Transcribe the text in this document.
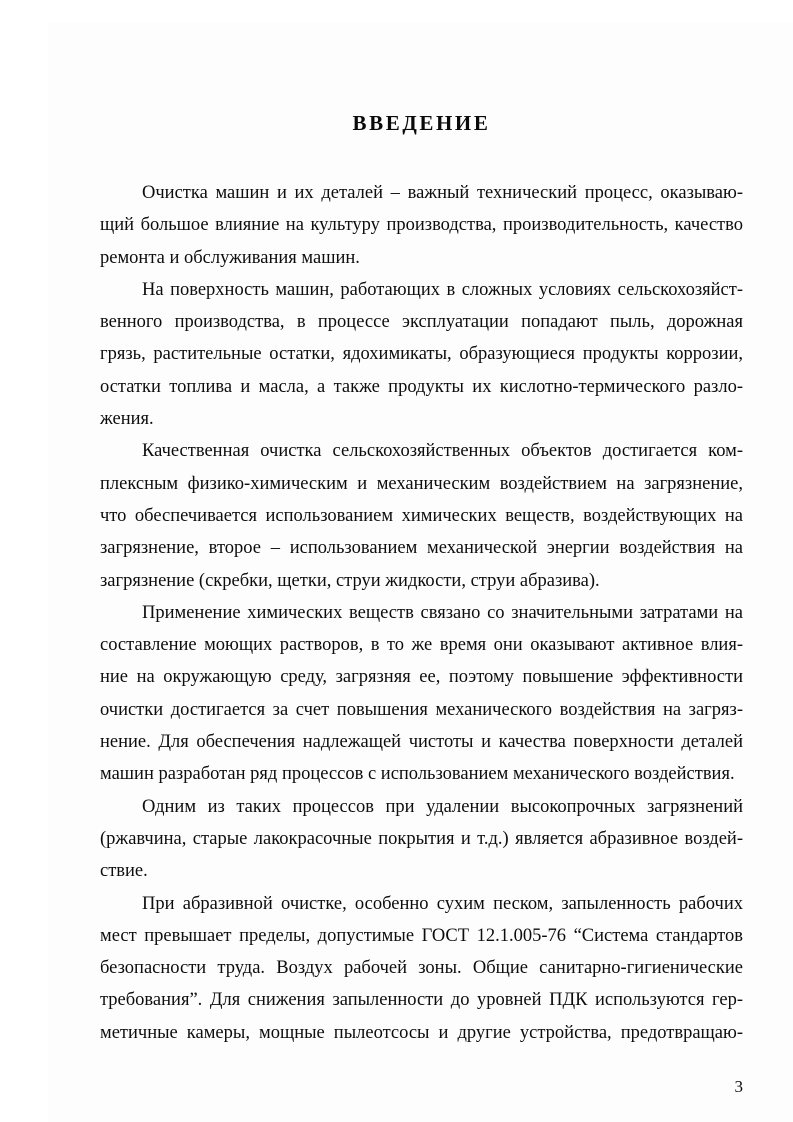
ВВЕДЕНИЕ
Очистка машин и их деталей – важный технический процесс, оказываю-
щий большое влияние на культуру производства, производительность, качество
ремонта и обслуживания машин.
На поверхность машин, работающих в сложных условиях сельскохозяйст-
венного производства, в процессе эксплуатации попадают пыль, дорожная
грязь, растительные остатки, ядохимикаты, образующиеся продукты коррозии,
остатки топлива и масла, а также продукты их кислотно-термического разло-
жения.
Качественная очистка сельскохозяйственных объектов достигается ком-
плексным физико-химическим и механическим воздействием на загрязнение,
что обеспечивается использованием химических веществ, воздействующих на
загрязнение, второе – использованием механической энергии воздействия на
загрязнение (скребки, щетки, струи жидкости, струи абразива).
Применение химических веществ связано со значительными затратами на
составление моющих растворов, в то же время они оказывают активное влия-
ние на окружающую среду, загрязняя ее, поэтому повышение эффективности
очистки достигается за счет повышения механического воздействия на загряз-
нение. Для обеспечения надлежащей чистоты и качества поверхности деталей
машин разработан ряд процессов с использованием механического воздействия.
Одним из таких процессов при удалении высокопрочных загрязнений
(ржавчина, старые лакокрасочные покрытия и т.д.) является абразивное воздей-
ствие.
При абразивной очистке, особенно сухим песком, запыленность рабочих
мест превышает пределы, допустимые ГОСТ 12.1.005-76 “Система стандартов
безопасности труда. Воздух рабочей зоны. Общие санитарно-гигиенические
требования”. Для снижения запыленности до уровней ПДК используются гер-
метичные камеры, мощные пылеотсосы и другие устройства, предотвращаю-
3
